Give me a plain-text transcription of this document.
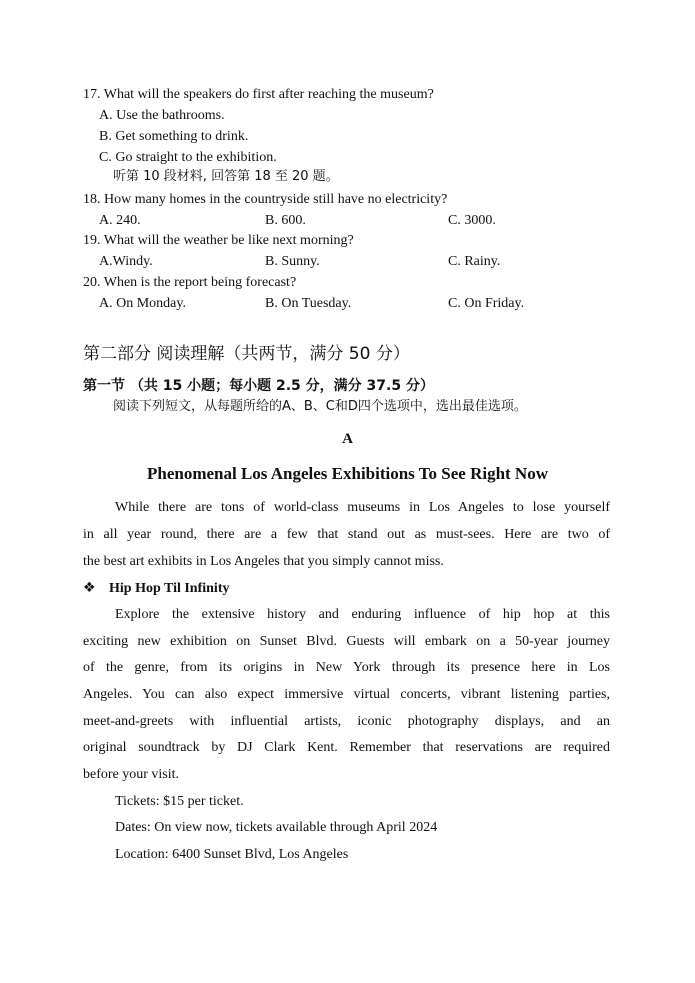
17. What will the speakers do first after reaching the museum?
A. Use the bathrooms.
B. Get something to drink.
C. Go straight to the exhibition.
听第 10 段材料, 回答第 18 至 20 题。
18. How many homes in the countryside still have no electricity?
A. 240.	B. 600.	C. 3000.
19. What will the weather be like next morning?
A.Windy.	B. Sunny.	C. Rainy.
20. When is the report being forecast?
A. On Monday.	B. On Tuesday.	C. On Friday.
第二部分 阅读理解（共两节，满分 50 分）
第一节 （共 15 小题；每小题 2.5 分，满分 37.5 分）
阅读下列短文，从每题所给的A、B、C和D四个选项中，选出最佳选项。
A
Phenomenal Los Angeles Exhibitions To See Right Now
While there are tons of world-class museums in Los Angeles to lose yourself
in all year round, there are a few that stand out as must-sees. Here are two of
the best art exhibits in Los Angeles that you simply cannot miss.
❖ Hip Hop Til Infinity
Explore the extensive history and enduring influence of hip hop at this
exciting new exhibition on Sunset Blvd. Guests will embark on a 50-year journey
of the genre, from its origins in New York through its presence here in Los
Angeles. You can also expect immersive virtual concerts, vibrant listening parties,
meet-and-greets with influential artists, iconic photography displays, and an
original soundtrack by DJ Clark Kent. Remember that reservations are required
before your visit.
Tickets: $15 per ticket.
Dates: On view now, tickets available through April 2024
Location: 6400 Sunset Blvd, Los Angeles
